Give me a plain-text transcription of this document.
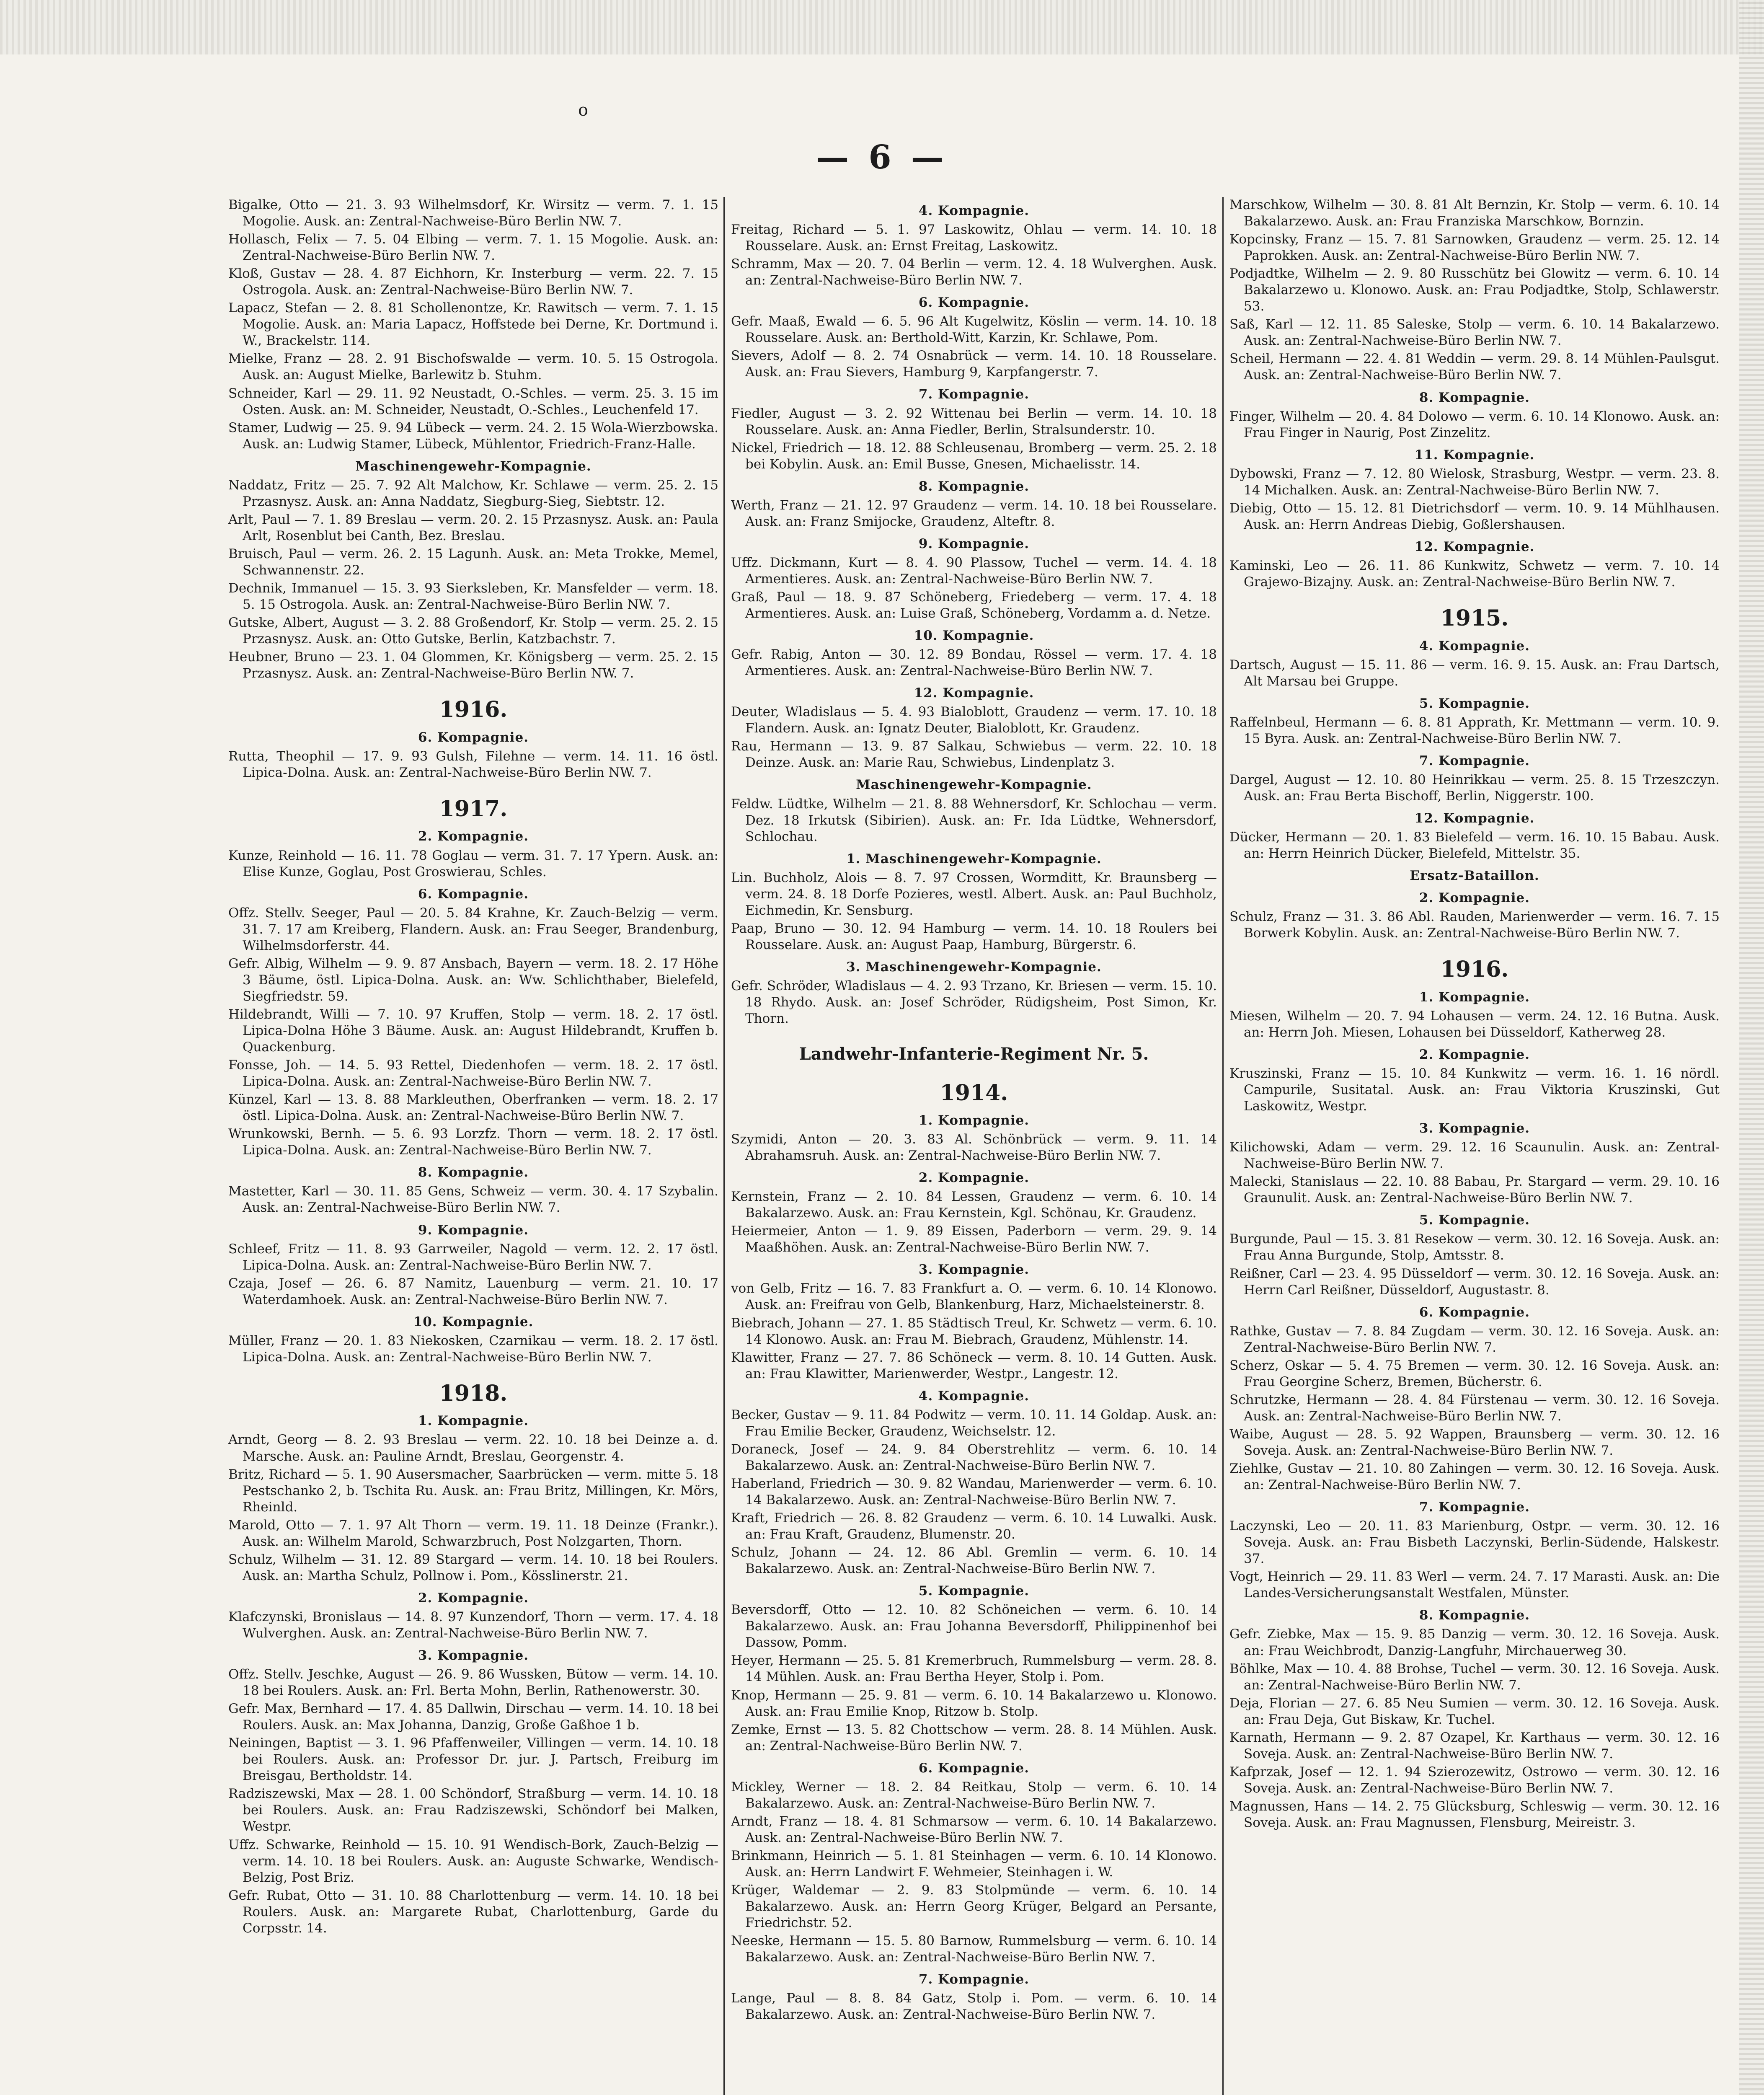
o
— 6 —
Bigalke, Otto — 21. 3. 93 Wilhelmsdorf, Kr. Wirsitz — verm. 7. 1. 15 Mogolie. Ausk. an: Zentral-Nachweise-Büro Berlin NW. 7.
Hollasch, Felix — 7. 5. 04 Elbing — verm. 7. 1. 15 Mogolie. Ausk. an: Zentral-Nachweise-Büro Berlin NW. 7.
Kloß, Gustav — 28. 4. 87 Eichhorn, Kr. Insterburg — verm. 22. 7. 15 Ostrogola. Ausk. an: Zentral-Nachweise-Büro Berlin NW. 7.
Lapacz, Stefan — 2. 8. 81 Schollenontze, Kr. Rawitsch — verm. 7. 1. 15 Mogolie. Ausk. an: Maria Lapacz, Hoffstede bei Derne, Kr. Dortmund i. W., Brackelstr. 114.
Mielke, Franz — 28. 2. 91 Bischofswalde — verm. 10. 5. 15 Ostrogola. Ausk. an: August Mielke, Barlewitz b. Stuhm.
Schneider, Karl — 29. 11. 92 Neustadt, O.-Schles. — verm. 25. 3. 15 im Osten. Ausk. an: M. Schneider, Neustadt, O.-Schles., Leuchenfeld 17.
Stamer, Ludwig — 25. 9. 94 Lübeck — verm. 24. 2. 15 Wola-Wierzbowska. Ausk. an: Ludwig Stamer, Lübeck, Mühlentor, Friedrich-Franz-Halle.
Maschinengewehr-Kompagnie.
Naddatz, Fritz — 25. 7. 92 Alt Malchow, Kr. Schlawe — verm. 25. 2. 15 Przasnysz. Ausk. an: Anna Naddatz, Siegburg-Sieg, Siebtstr. 12.
Arlt, Paul — 7. 1. 89 Breslau — verm. 20. 2. 15 Przasnysz. Ausk. an: Paula Arlt, Rosenblut bei Canth, Bez. Breslau.
Bruisch, Paul — verm. 26. 2. 15 Lagunh. Ausk. an: Meta Trokke, Memel, Schwannenstr. 22.
Dechnik, Immanuel — 15. 3. 93 Sierksleben, Kr. Mansfelder — verm. 18. 5. 15 Ostrogola. Ausk. an: Zentral-Nachweise-Büro Berlin NW. 7.
Gutske, Albert, August — 3. 2. 88 Großendorf, Kr. Stolp — verm. 25. 2. 15 Przasnysz. Ausk. an: Otto Gutske, Berlin, Katzbachstr. 7.
Heubner, Bruno — 23. 1. 04 Glommen, Kr. Königsberg — verm. 25. 2. 15 Przasnysz. Ausk. an: Zentral-Nachweise-Büro Berlin NW. 7.
1916.
6. Kompagnie.
Rutta, Theophil — 17. 9. 93 Gulsh, Filehne — verm. 14. 11. 16 östl. Lipica-Dolna. Ausk. an: Zentral-Nachweise-Büro Berlin NW. 7.
1917.
2. Kompagnie.
Kunze, Reinhold — 16. 11. 78 Goglau — verm. 31. 7. 17 Ypern. Ausk. an: Elise Kunze, Goglau, Post Groswierau, Schles.
6. Kompagnie.
Offz. Stellv. Seeger, Paul — 20. 5. 84 Krahne, Kr. Zauch-Belzig — verm. 31. 7. 17 am Kreiberg, Flandern. Ausk. an: Frau Seeger, Brandenburg, Wilhelmsdorferstr. 44.
Gefr. Albig, Wilhelm — 9. 9. 87 Ansbach, Bayern — verm. 18. 2. 17 Höhe 3 Bäume, östl. Lipica-Dolna. Ausk. an: Ww. Schlichthaber, Bielefeld, Siegfriedstr. 59.
Hildebrandt, Willi — 7. 10. 97 Kruffen, Stolp — verm. 18. 2. 17 östl. Lipica-Dolna Höhe 3 Bäume. Ausk. an: August Hildebrandt, Kruffen b. Quackenburg.
Fonsse, Joh. — 14. 5. 93 Rettel, Diedenhofen — verm. 18. 2. 17 östl. Lipica-Dolna. Ausk. an: Zentral-Nachweise-Büro Berlin NW. 7.
Künzel, Karl — 13. 8. 88 Markleuthen, Oberfranken — verm. 18. 2. 17 östl. Lipica-Dolna. Ausk. an: Zentral-Nachweise-Büro Berlin NW. 7.
Wrunkowski, Bernh. — 5. 6. 93 Lorzfz. Thorn — verm. 18. 2. 17 östl. Lipica-Dolna. Ausk. an: Zentral-Nachweise-Büro Berlin NW. 7.
8. Kompagnie.
Mastetter, Karl — 30. 11. 85 Gens, Schweiz — verm. 30. 4. 17 Szybalin. Ausk. an: Zentral-Nachweise-Büro Berlin NW. 7.
9. Kompagnie.
Schleef, Fritz — 11. 8. 93 Garrweiler, Nagold — verm. 12. 2. 17 östl. Lipica-Dolna. Ausk. an: Zentral-Nachweise-Büro Berlin NW. 7.
Czaja, Josef — 26. 6. 87 Namitz, Lauenburg — verm. 21. 10. 17 Waterdamhoek. Ausk. an: Zentral-Nachweise-Büro Berlin NW. 7.
10. Kompagnie.
Müller, Franz — 20. 1. 83 Niekosken, Czarnikau — verm. 18. 2. 17 östl. Lipica-Dolna. Ausk. an: Zentral-Nachweise-Büro Berlin NW. 7.
1918.
1. Kompagnie.
Arndt, Georg — 8. 2. 93 Breslau — verm. 22. 10. 18 bei Deinze a. d. Marsche. Ausk. an: Pauline Arndt, Breslau, Georgenstr. 4.
Britz, Richard — 5. 1. 90 Ausersmacher, Saarbrücken — verm. mitte 5. 18 Pestschanko 2, b. Tschita Ru. Ausk. an: Frau Britz, Millingen, Kr. Mörs, Rheinld.
Marold, Otto — 7. 1. 97 Alt Thorn — verm. 19. 11. 18 Deinze (Frankr.). Ausk. an: Wilhelm Marold, Schwarzbruch, Post Nolzgarten, Thorn.
Schulz, Wilhelm — 31. 12. 89 Stargard — verm. 14. 10. 18 bei Roulers. Ausk. an: Martha Schulz, Pollnow i. Pom., Kösslinerstr. 21.
2. Kompagnie.
Klafczynski, Bronislaus — 14. 8. 97 Kunzendorf, Thorn — verm. 17. 4. 18 Wulverghen. Ausk. an: Zentral-Nachweise-Büro Berlin NW. 7.
3. Kompagnie.
Offz. Stellv. Jeschke, August — 26. 9. 86 Wussken, Bütow — verm. 14. 10. 18 bei Roulers. Ausk. an: Frl. Berta Mohn, Berlin, Rathenowerstr. 30.
Gefr. Max, Bernhard — 17. 4. 85 Dallwin, Dirschau — verm. 14. 10. 18 bei Roulers. Ausk. an: Max Johanna, Danzig, Große Gaßhoe 1 b.
Neiningen, Baptist — 3. 1. 96 Pfaffenweiler, Villingen — verm. 14. 10. 18 bei Roulers. Ausk. an: Professor Dr. jur. J. Partsch, Freiburg im Breisgau, Bertholdstr. 14.
Radziszewski, Max — 28. 1. 00 Schöndorf, Straßburg — verm. 14. 10. 18 bei Roulers. Ausk. an: Frau Radziszewski, Schöndorf bei Malken, Westpr.
Uffz. Schwarke, Reinhold — 15. 10. 91 Wendisch-Bork, Zauch-Belzig — verm. 14. 10. 18 bei Roulers. Ausk. an: Auguste Schwarke, Wendisch-Belzig, Post Briz.
Gefr. Rubat, Otto — 31. 10. 88 Charlottenburg — verm. 14. 10. 18 bei Roulers. Ausk. an: Margarete Rubat, Charlottenburg, Garde du Corpsstr. 14.
4. Kompagnie.
Freitag, Richard — 5. 1. 97 Laskowitz, Ohlau — verm. 14. 10. 18 Rousselare. Ausk. an: Ernst Freitag, Laskowitz.
Schramm, Max — 20. 7. 04 Berlin — verm. 12. 4. 18 Wulverghen. Ausk. an: Zentral-Nachweise-Büro Berlin NW. 7.
6. Kompagnie.
Gefr. Maaß, Ewald — 6. 5. 96 Alt Kugelwitz, Köslin — verm. 14. 10. 18 Rousselare. Ausk. an: Berthold-Witt, Karzin, Kr. Schlawe, Pom.
Sievers, Adolf — 8. 2. 74 Osnabrück — verm. 14. 10. 18 Rousselare. Ausk. an: Frau Sievers, Hamburg 9, Karpfangerstr. 7.
7. Kompagnie.
Fiedler, August — 3. 2. 92 Wittenau bei Berlin — verm. 14. 10. 18 Rousselare. Ausk. an: Anna Fiedler, Berlin, Stralsunderstr. 10.
Nickel, Friedrich — 18. 12. 88 Schleusenau, Bromberg — verm. 25. 2. 18 bei Kobylin. Ausk. an: Emil Busse, Gnesen, Michaelisstr. 14.
8. Kompagnie.
Werth, Franz — 21. 12. 97 Graudenz — verm. 14. 10. 18 bei Rousselare. Ausk. an: Franz Smijocke, Graudenz, Alteftr. 8.
9. Kompagnie.
Uffz. Dickmann, Kurt — 8. 4. 90 Plassow, Tuchel — verm. 14. 4. 18 Armentieres. Ausk. an: Zentral-Nachweise-Büro Berlin NW. 7.
Graß, Paul — 18. 9. 87 Schöneberg, Friedeberg — verm. 17. 4. 18 Armentieres. Ausk. an: Luise Graß, Schöneberg, Vordamm a. d. Netze.
10. Kompagnie.
Gefr. Rabig, Anton — 30. 12. 89 Bondau, Rössel — verm. 17. 4. 18 Armentieres. Ausk. an: Zentral-Nachweise-Büro Berlin NW. 7.
12. Kompagnie.
Deuter, Wladislaus — 5. 4. 93 Bialoblott, Graudenz — verm. 17. 10. 18 Flandern. Ausk. an: Ignatz Deuter, Bialoblott, Kr. Graudenz.
Rau, Hermann — 13. 9. 87 Salkau, Schwiebus — verm. 22. 10. 18 Deinze. Ausk. an: Marie Rau, Schwiebus, Lindenplatz 3.
Maschinengewehr-Kompagnie.
Feldw. Lüdtke, Wilhelm — 21. 8. 88 Wehnersdorf, Kr. Schlochau — verm. Dez. 18 Irkutsk (Sibirien). Ausk. an: Fr. Ida Lüdtke, Wehnersdorf, Schlochau.
1. Maschinengewehr-Kompagnie.
Lin. Buchholz, Alois — 8. 7. 97 Crossen, Wormditt, Kr. Braunsberg — verm. 24. 8. 18 Dorfe Pozieres, westl. Albert. Ausk. an: Paul Buchholz, Eichmedin, Kr. Sensburg.
Paap, Bruno — 30. 12. 94 Hamburg — verm. 14. 10. 18 Roulers bei Rousselare. Ausk. an: August Paap, Hamburg, Bürgerstr. 6.
3. Maschinengewehr-Kompagnie.
Gefr. Schröder, Wladislaus — 4. 2. 93 Trzano, Kr. Briesen — verm. 15. 10. 18 Rhydo. Ausk. an: Josef Schröder, Rüdigsheim, Post Simon, Kr. Thorn.
Landwehr-Infanterie-Regiment Nr. 5.
1914.
1. Kompagnie.
Szymidi, Anton — 20. 3. 83 Al. Schönbrück — verm. 9. 11. 14 Abrahamsruh. Ausk. an: Zentral-Nachweise-Büro Berlin NW. 7.
2. Kompagnie.
Kernstein, Franz — 2. 10. 84 Lessen, Graudenz — verm. 6. 10. 14 Bakalarzewo. Ausk. an: Frau Kernstein, Kgl. Schönau, Kr. Graudenz.
Heiermeier, Anton — 1. 9. 89 Eissen, Paderborn — verm. 29. 9. 14 Maaßhöhen. Ausk. an: Zentral-Nachweise-Büro Berlin NW. 7.
3. Kompagnie.
von Gelb, Fritz — 16. 7. 83 Frankfurt a. O. — verm. 6. 10. 14 Klonowo. Ausk. an: Freifrau von Gelb, Blankenburg, Harz, Michaelsteinerstr. 8.
Biebrach, Johann — 27. 1. 85 Städtisch Treul, Kr. Schwetz — verm. 6. 10. 14 Klonowo. Ausk. an: Frau M. Biebrach, Graudenz, Mühlenstr. 14.
Klawitter, Franz — 27. 7. 86 Schöneck — verm. 8. 10. 14 Gutten. Ausk. an: Frau Klawitter, Marienwerder, Westpr., Langestr. 12.
4. Kompagnie.
Becker, Gustav — 9. 11. 84 Podwitz — verm. 10. 11. 14 Goldap. Ausk. an: Frau Emilie Becker, Graudenz, Weichselstr. 12.
Doraneck, Josef — 24. 9. 84 Oberstrehlitz — verm. 6. 10. 14 Bakalarzewo. Ausk. an: Zentral-Nachweise-Büro Berlin NW. 7.
Haberland, Friedrich — 30. 9. 82 Wandau, Marienwerder — verm. 6. 10. 14 Bakalarzewo. Ausk. an: Zentral-Nachweise-Büro Berlin NW. 7.
Kraft, Friedrich — 26. 8. 82 Graudenz — verm. 6. 10. 14 Luwalki. Ausk. an: Frau Kraft, Graudenz, Blumenstr. 20.
Schulz, Johann — 24. 12. 86 Abl. Gremlin — verm. 6. 10. 14 Bakalarzewo. Ausk. an: Zentral-Nachweise-Büro Berlin NW. 7.
5. Kompagnie.
Beversdorff, Otto — 12. 10. 82 Schöneichen — verm. 6. 10. 14 Bakalarzewo. Ausk. an: Frau Johanna Beversdorff, Philippinenhof bei Dassow, Pomm.
Heyer, Hermann — 25. 5. 81 Kremerbruch, Rummelsburg — verm. 28. 8. 14 Mühlen. Ausk. an: Frau Bertha Heyer, Stolp i. Pom.
Knop, Hermann — 25. 9. 81 — verm. 6. 10. 14 Bakalarzewo u. Klonowo. Ausk. an: Frau Emilie Knop, Ritzow b. Stolp.
Zemke, Ernst — 13. 5. 82 Chottschow — verm. 28. 8. 14 Mühlen. Ausk. an: Zentral-Nachweise-Büro Berlin NW. 7.
6. Kompagnie.
Mickley, Werner — 18. 2. 84 Reitkau, Stolp — verm. 6. 10. 14 Bakalarzewo. Ausk. an: Zentral-Nachweise-Büro Berlin NW. 7.
Arndt, Franz — 18. 4. 81 Schmarsow — verm. 6. 10. 14 Bakalarzewo. Ausk. an: Zentral-Nachweise-Büro Berlin NW. 7.
Brinkmann, Heinrich — 5. 1. 81 Steinhagen — verm. 6. 10. 14 Klonowo. Ausk. an: Herrn Landwirt F. Wehmeier, Steinhagen i. W.
Krüger, Waldemar — 2. 9. 83 Stolpmünde — verm. 6. 10. 14 Bakalarzewo. Ausk. an: Herrn Georg Krüger, Belgard an Persante, Friedrichstr. 52.
Neeske, Hermann — 15. 5. 80 Barnow, Rummelsburg — verm. 6. 10. 14 Bakalarzewo. Ausk. an: Zentral-Nachweise-Büro Berlin NW. 7.
7. Kompagnie.
Lange, Paul — 8. 8. 84 Gatz, Stolp i. Pom. — verm. 6. 10. 14 Bakalarzewo. Ausk. an: Zentral-Nachweise-Büro Berlin NW. 7.
Marschkow, Wilhelm — 30. 8. 81 Alt Bernzin, Kr. Stolp — verm. 6. 10. 14 Bakalarzewo. Ausk. an: Frau Franziska Marschkow, Bornzin.
Kopcinsky, Franz — 15. 7. 81 Sarnowken, Graudenz — verm. 25. 12. 14 Paprokken. Ausk. an: Zentral-Nachweise-Büro Berlin NW. 7.
Podjadtke, Wilhelm — 2. 9. 80 Russchütz bei Glowitz — verm. 6. 10. 14 Bakalarzewo u. Klonowo. Ausk. an: Frau Podjadtke, Stolp, Schlawerstr. 53.
Saß, Karl — 12. 11. 85 Saleske, Stolp — verm. 6. 10. 14 Bakalarzewo. Ausk. an: Zentral-Nachweise-Büro Berlin NW. 7.
Scheil, Hermann — 22. 4. 81 Weddin — verm. 29. 8. 14 Mühlen-Paulsgut. Ausk. an: Zentral-Nachweise-Büro Berlin NW. 7.
8. Kompagnie.
Finger, Wilhelm — 20. 4. 84 Dolowo — verm. 6. 10. 14 Klonowo. Ausk. an: Frau Finger in Naurig, Post Zinzelitz.
11. Kompagnie.
Dybowski, Franz — 7. 12. 80 Wielosk, Strasburg, Westpr. — verm. 23. 8. 14 Michalken. Ausk. an: Zentral-Nachweise-Büro Berlin NW. 7.
Diebig, Otto — 15. 12. 81 Dietrichsdorf — verm. 10. 9. 14 Mühlhausen. Ausk. an: Herrn Andreas Diebig, Goßlershausen.
12. Kompagnie.
Kaminski, Leo — 26. 11. 86 Kunkwitz, Schwetz — verm. 7. 10. 14 Grajewo-Bizajny. Ausk. an: Zentral-Nachweise-Büro Berlin NW. 7.
1915.
4. Kompagnie.
Dartsch, August — 15. 11. 86 — verm. 16. 9. 15. Ausk. an: Frau Dartsch, Alt Marsau bei Gruppe.
5. Kompagnie.
Raffelnbeul, Hermann — 6. 8. 81 Apprath, Kr. Mettmann — verm. 10. 9. 15 Byra. Ausk. an: Zentral-Nachweise-Büro Berlin NW. 7.
7. Kompagnie.
Dargel, August — 12. 10. 80 Heinrikkau — verm. 25. 8. 15 Trzeszczyn. Ausk. an: Frau Berta Bischoff, Berlin, Niggerstr. 100.
12. Kompagnie.
Dücker, Hermann — 20. 1. 83 Bielefeld — verm. 16. 10. 15 Babau. Ausk. an: Herrn Heinrich Dücker, Bielefeld, Mittelstr. 35.
Ersatz-Bataillon.
2. Kompagnie.
Schulz, Franz — 31. 3. 86 Abl. Rauden, Marienwerder — verm. 16. 7. 15 Borwerk Kobylin. Ausk. an: Zentral-Nachweise-Büro Berlin NW. 7.
1916.
1. Kompagnie.
Miesen, Wilhelm — 20. 7. 94 Lohausen — verm. 24. 12. 16 Butna. Ausk. an: Herrn Joh. Miesen, Lohausen bei Düsseldorf, Katherweg 28.
2. Kompagnie.
Kruszinski, Franz — 15. 10. 84 Kunkwitz — verm. 16. 1. 16 nördl. Campurile, Susitatal. Ausk. an: Frau Viktoria Kruszinski, Gut Laskowitz, Westpr.
3. Kompagnie.
Kilichowski, Adam — verm. 29. 12. 16 Scaunulin. Ausk. an: Zentral-Nachweise-Büro Berlin NW. 7.
Malecki, Stanislaus — 22. 10. 88 Babau, Pr. Stargard — verm. 29. 10. 16 Graunulit. Ausk. an: Zentral-Nachweise-Büro Berlin NW. 7.
5. Kompagnie.
Burgunde, Paul — 15. 3. 81 Resekow — verm. 30. 12. 16 Soveja. Ausk. an: Frau Anna Burgunde, Stolp, Amtsstr. 8.
Reißner, Carl — 23. 4. 95 Düsseldorf — verm. 30. 12. 16 Soveja. Ausk. an: Herrn Carl Reißner, Düsseldorf, Augustastr. 8.
6. Kompagnie.
Rathke, Gustav — 7. 8. 84 Zugdam — verm. 30. 12. 16 Soveja. Ausk. an: Zentral-Nachweise-Büro Berlin NW. 7.
Scherz, Oskar — 5. 4. 75 Bremen — verm. 30. 12. 16 Soveja. Ausk. an: Frau Georgine Scherz, Bremen, Bücherstr. 6.
Schrutzke, Hermann — 28. 4. 84 Fürstenau — verm. 30. 12. 16 Soveja. Ausk. an: Zentral-Nachweise-Büro Berlin NW. 7.
Waibe, August — 28. 5. 92 Wappen, Braunsberg — verm. 30. 12. 16 Soveja. Ausk. an: Zentral-Nachweise-Büro Berlin NW. 7.
Ziehlke, Gustav — 21. 10. 80 Zahingen — verm. 30. 12. 16 Soveja. Ausk. an: Zentral-Nachweise-Büro Berlin NW. 7.
7. Kompagnie.
Laczynski, Leo — 20. 11. 83 Marienburg, Ostpr. — verm. 30. 12. 16 Soveja. Ausk. an: Frau Bisbeth Laczynski, Berlin-Südende, Halskestr. 37.
Vogt, Heinrich — 29. 11. 83 Werl — verm. 24. 7. 17 Marasti. Ausk. an: Die Landes-Versicherungsanstalt Westfalen, Münster.
8. Kompagnie.
Gefr. Ziebke, Max — 15. 9. 85 Danzig — verm. 30. 12. 16 Soveja. Ausk. an: Frau Weichbrodt, Danzig-Langfuhr, Mirchauerweg 30.
Böhlke, Max — 10. 4. 88 Brohse, Tuchel — verm. 30. 12. 16 Soveja. Ausk. an: Zentral-Nachweise-Büro Berlin NW. 7.
Deja, Florian — 27. 6. 85 Neu Sumien — verm. 30. 12. 16 Soveja. Ausk. an: Frau Deja, Gut Biskaw, Kr. Tuchel.
Karnath, Hermann — 9. 2. 87 Ozapel, Kr. Karthaus — verm. 30. 12. 16 Soveja. Ausk. an: Zentral-Nachweise-Büro Berlin NW. 7.
Kafprzak, Josef — 12. 1. 94 Szierozewitz, Ostrowo — verm. 30. 12. 16 Soveja. Ausk. an: Zentral-Nachweise-Büro Berlin NW. 7.
Magnussen, Hans — 14. 2. 75 Glücksburg, Schleswig — verm. 30. 12. 16 Soveja. Ausk. an: Frau Magnussen, Flensburg, Meireistr. 3.
